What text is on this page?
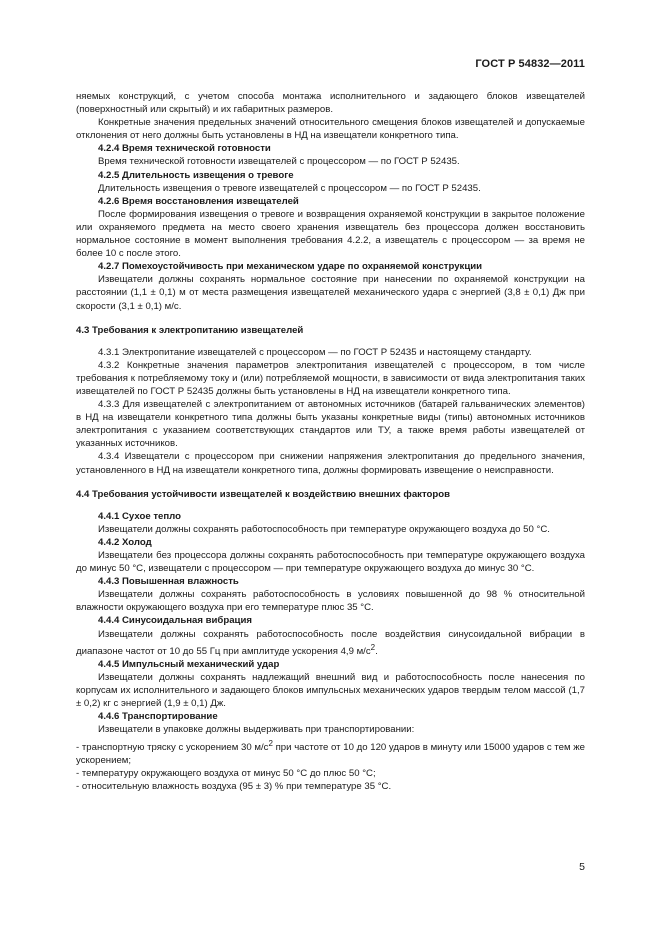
ГОСТ Р 54832—2011

няемых конструкций, с учетом способа монтажа исполнительного и задающего блоков извещателей (поверхностный или скрытый) и их габаритных размеров.

Конкретные значения предельных значений относительного смещения блоков извещателей и допускаемые отклонения от него должны быть установлены в НД на извещатели конкретного типа.

4.2.4 Время технической готовности

Время технической готовности извещателей с процессором — по ГОСТ Р 52435.

4.2.5 Длительность извещения о тревоге

Длительность извещения о тревоге извещателей с процессором — по ГОСТ Р 52435.

4.2.6 Время восстановления извещателей

После формирования извещения о тревоге и возвращения охраняемой конструкции в закрытое положение или охраняемого предмета на место своего хранения извещатель без процессора должен восстановить нормальное состояние в момент выполнения требования 4.2.2, а извещатель с процессором — за время не более 10 с после этого.

4.2.7 Помехоустойчивость при механическом ударе по охраняемой конструкции

Извещатели должны сохранять нормальное состояние при нанесении по охраняемой конструкции на расстоянии (1,1 ± 0,1) м от места размещения извещателей механического удара с энергией (3,8 ± 0,1) Дж при скорости (3,1 ± 0,1) м/с.

4.3 Требования к электропитанию извещателей

4.3.1 Электропитание извещателей с процессором — по ГОСТ Р 52435 и настоящему стандарту.

4.3.2 Конкретные значения параметров электропитания извещателей с процессором, в том числе требования к потребляемому току и (или) потребляемой мощности, в зависимости от вида электропитания таких извещателей по ГОСТ Р 52435 должны быть установлены в НД на извещатели конкретного типа.

4.3.3 Для извещателей с электропитанием от автономных источников (батарей гальванических элементов) в НД на извещатели конкретного типа должны быть указаны конкретные виды (типы) автономных источников электропитания с указанием соответствующих стандартов или ТУ, а также время работы извещателей от указанных источников.

4.3.4 Извещатели с процессором при снижении напряжения электропитания до предельного значения, установленного в НД на извещатели конкретного типа, должны формировать извещение о неисправности.

4.4 Требования устойчивости извещателей к воздействию внешних факторов

4.4.1 Сухое тепло

Извещатели должны сохранять работоспособность при температуре окружающего воздуха до 50 °С.

4.4.2 Холод

Извещатели без процессора должны сохранять работоспособность при температуре окружающего воздуха до минус 50 °С, извещатели с процессором — при температуре окружающего воздуха до минус 30 °С.

4.4.3 Повышенная влажность

Извещатели должны сохранять работоспособность в условиях повышенной до 98 % относительной влажности окружающего воздуха при его температуре плюс 35 °С.

4.4.4 Синусоидальная вибрация

Извещатели должны сохранять работоспособность после воздействия синусоидальной вибрации в диапазоне частот от 10 до 55 Гц при амплитуде ускорения 4,9 $м/с^2$.

4.4.5 Импульсный механический удар

Извещатели должны сохранять надлежащий внешний вид и работоспособность после нанесения по корпусам их исполнительного и задающего блоков импульсных механических ударов твердым телом массой (1,7 ± 0,2) кг с энергией (1,9 ± 0,1) Дж.

4.4.6 Транспортирование

Извещатели в упаковке должны выдерживать при транспортировании:

- транспортную тряску с ускорением 30 $м/с^2$ при частоте от 10 до 120 ударов в минуту или 15000 ударов с тем же ускорением;

- температуру окружающего воздуха от минус 50 °С до плюс 50 °С;

- относительную влажность воздуха (95 ± 3) % при температуре 35 °С.

5
